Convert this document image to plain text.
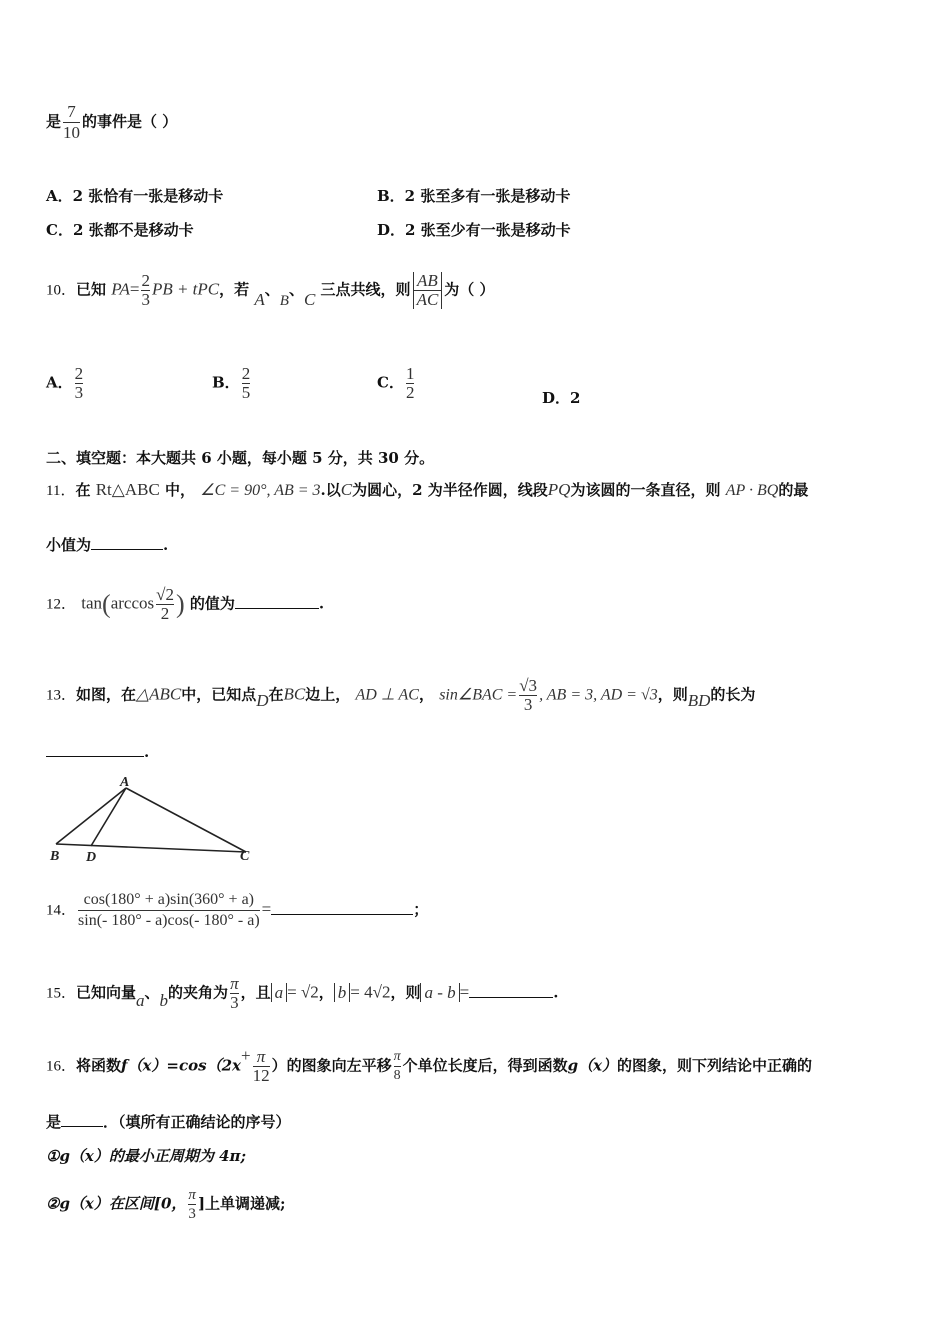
是 $\frac{7}{10}$ 的事件是（ ）
A．2 张恰有一张是移动卡	B．2 张至多有一张是移动卡
C．2 张都不是移动卡	D．2 张至少有一张是移动卡
10．已知 $PA= \frac{2}{3}$ PB + tPC，若 A、B、C 三点共线，则 $\frac{AB}{AC}$ 为（ ）
A． $\frac{2}{3}$	B． $\frac{2}{5}$	C． $\frac{1}{2}$	D．2
二、填空题：本大题共 6 小题，每小题 5 分，共 30 分。
11．在 Rt△ABC 中， ∠C = 90°, AB = 3.以C为圆心，2 为半径作圆，线段PQ为该圆的一条直径，则 AP · BQ的最
小值为	.
12． $\tan(\arccos \frac{√2}{2}$ ) 的值为	.
13．如图，在△ABC中，已知点D在BC边上， AD ⊥ AC， sin∠BAC = $\frac{√3}{3}$ , AB = 3, AD = √3，则BD的长为
.
A
B D	C
14． $\frac{\cos(180^\circ + a)\sin(360^\circ + a)}{\sin(- 180^\circ - a)\cos(- 180^\circ - a)}$ =	；
15．已知向量a、b的夹角为 $\frac{\pi}{3}$ ，且 a = √2， b = 4√2，则 a - b =	.
16．将函数$f(x)=\cos(2x+ \frac{\pi}{12}$ ）的图象向左平移 $\frac{\pi}{8}$ 个单位长度后，得到函数g（x）的图象，则下列结论中正确的
是	．（填所有正确结论的序号）
①g（x）的最小正周期为 4π;
②g（x）在区间[0， $\frac{\pi}{3}$ ]上单调递减;
